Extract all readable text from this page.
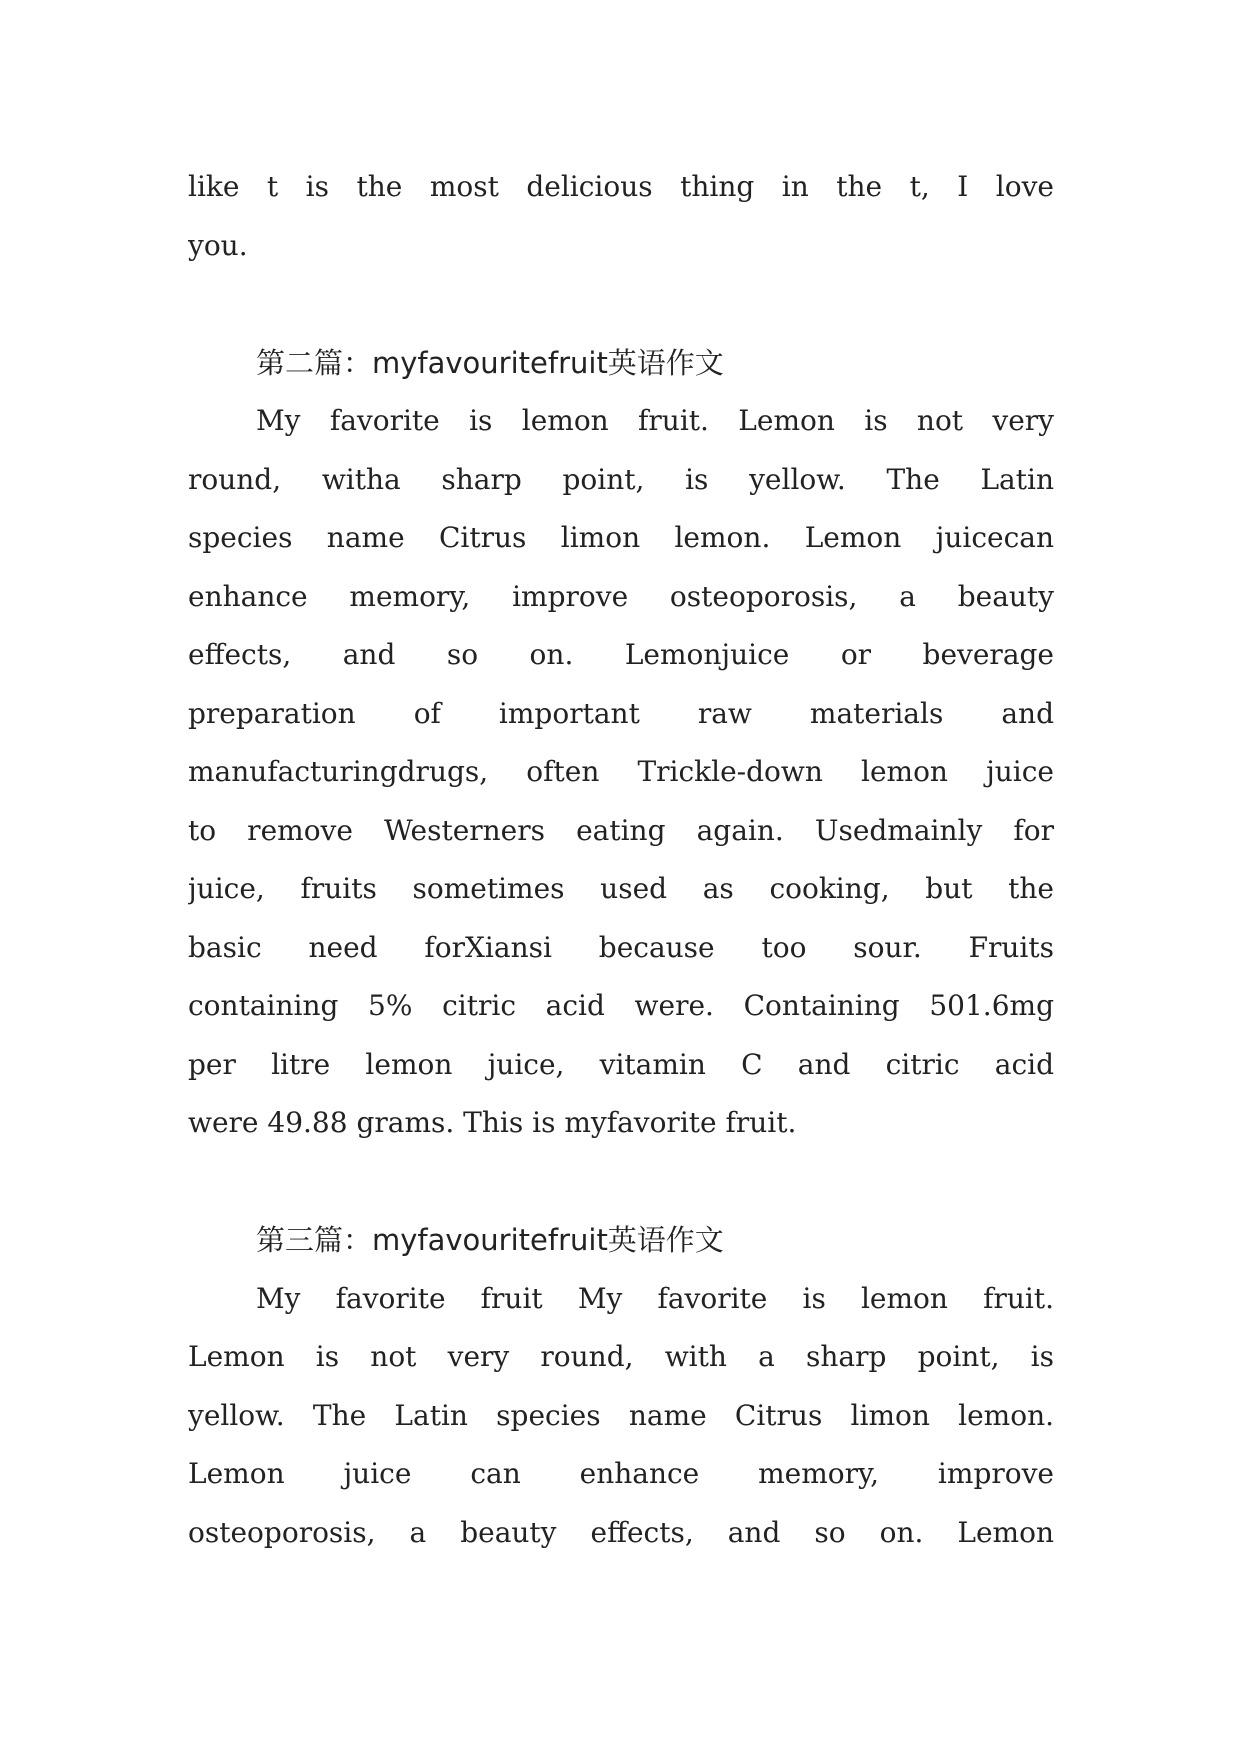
like t is the most delicious thing in the t, I love
you.
第二篇：myfavouritefruit英语作文
My favorite is lemon fruit. Lemon is not very
round, witha sharp point, is yellow. The Latin
species name Citrus limon lemon. Lemon juicecan
enhance memory, improve osteoporosis, a beauty
effects, and so on. Lemonjuice or beverage
preparation of important raw materials and
manufacturingdrugs, often Trickle-down lemon juice
to remove Westerners eating again. Usedmainly for
juice, fruits sometimes used as cooking, but the
basic need forXiansi because too sour. Fruits
containing 5% citric acid were. Containing 501.6mg
per litre lemon juice, vitamin C and citric acid
were 49.88 grams. This is myfavorite fruit.
第三篇：myfavouritefruit英语作文
My favorite fruit My favorite is lemon fruit.
Lemon is not very round, with a sharp point, is
yellow. The Latin species name Citrus limon lemon.
Lemon juice can enhance memory, improve
osteoporosis, a beauty effects, and so on. Lemon
